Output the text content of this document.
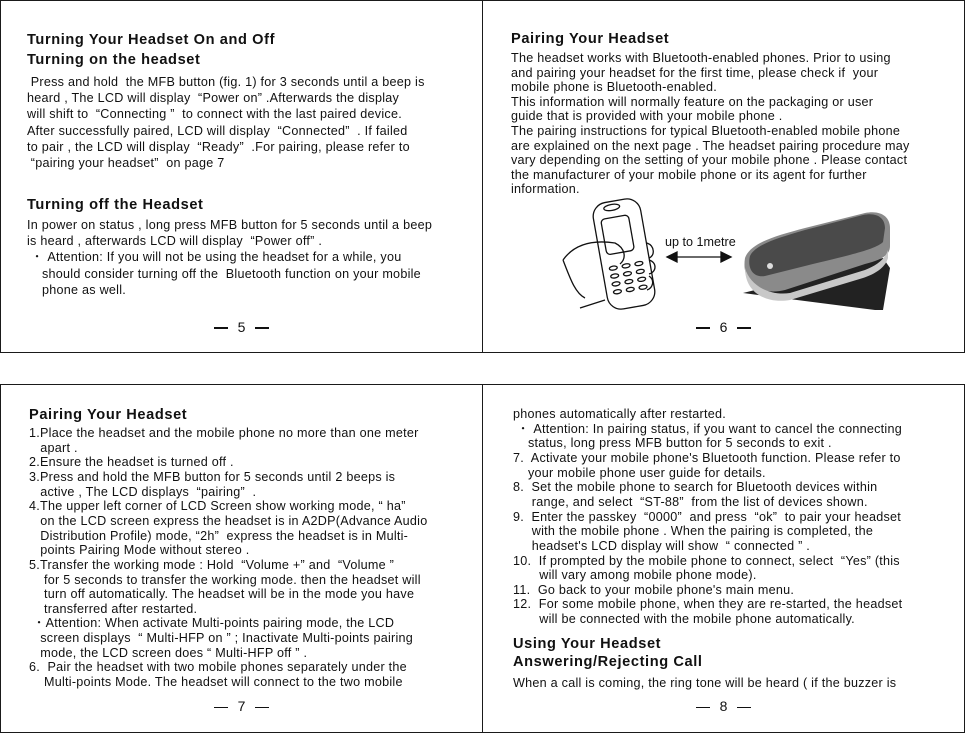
Turning Your Headset On and Off
Turning on the headset
Press and hold  the MFB button (fig. 1) for 3 seconds until a beep is
heard , The LCD will display  “Power on” .Afterwards the display
will shift to  “Connecting ”  to connect with the last paired device.
After successfully paired, LCD will display  “Connected”  . If failed
to pair , the LCD will display  “Ready”  .For pairing, please refer to
“pairing your headset”  on page 7
Turning off the Headset
In power on status , long press MFB button for 5 seconds until a beep
is heard , afterwards LCD will display  “Power off” .
・ Attention: If you will not be using the headset for a while, you
should consider turning off the  Bluetooth function on your mobile
phone as well.
5
up to 1metre
Pairing Your Headset
The headset works with Bluetooth-enabled phones. Prior to using
and pairing your headset for the first time, please check if  your
mobile phone is Bluetooth-enabled.
This information will normally feature on the packaging or user
guide that is provided with your mobile phone .
The pairing instructions for typical Bluetooth-enabled mobile phone
are explained on the next page . The headset pairing procedure may
vary depending on the setting of your mobile phone . Please contact
the manufacturer of your mobile phone or its agent for further
information.
6
Pairing Your Headset
1.Place the headset and the mobile phone no more than one meter
apart .
2.Ensure the headset is turned off .
3.Press and hold the MFB button for 5 seconds until 2 beeps is
active , The LCD displays  “pairing”  .
4.The upper left corner of LCD Screen show working mode, “ ha”
on the LCD screen express the headset is in A2DP(Advance Audio
Distribution Profile) mode, “2h”  express the headset is in Multi-
points Pairing Mode without stereo .
5.Transfer the working mode : Hold  “Volume +” and  “Volume ”
for 5 seconds to transfer the working mode. then the headset will
turn off automatically. The headset will be in the mode you have
transferred after restarted.
・Attention: When activate Multi-points pairing mode, the LCD
screen displays  “ Multi-HFP on ” ; Inactivate Multi-points pairing
mode, the LCD screen does “ Multi-HFP off ” .
6.  Pair the headset with two mobile phones separately under the
Multi-points Mode. The headset will connect to the two mobile
7
phones automatically after restarted.
・ Attention: In pairing status, if you want to cancel the connecting
status, long press MFB button for 5 seconds to exit .
7.  Activate your mobile phone's Bluetooth function. Please refer to
your mobile phone user guide for details.
8.  Set the mobile phone to search for Bluetooth devices within
range, and select  “ST-88”  from the list of devices shown.
9.  Enter the passkey  “0000”  and press  “ok”  to pair your headset
with the mobile phone . When the pairing is completed, the
headset's LCD display will show  “ connected ” .
10.  If prompted by the mobile phone to connect, select  “Yes” (this
will vary among mobile phone mode).
11.  Go back to your mobile phone's main menu.
12.  For some mobile phone, when they are re-started, the headset
will be connected with the mobile phone automatically.
Using Your Headset
Answering/Rejecting Call
When a call is coming, the ring tone will be heard ( if the buzzer is
8
